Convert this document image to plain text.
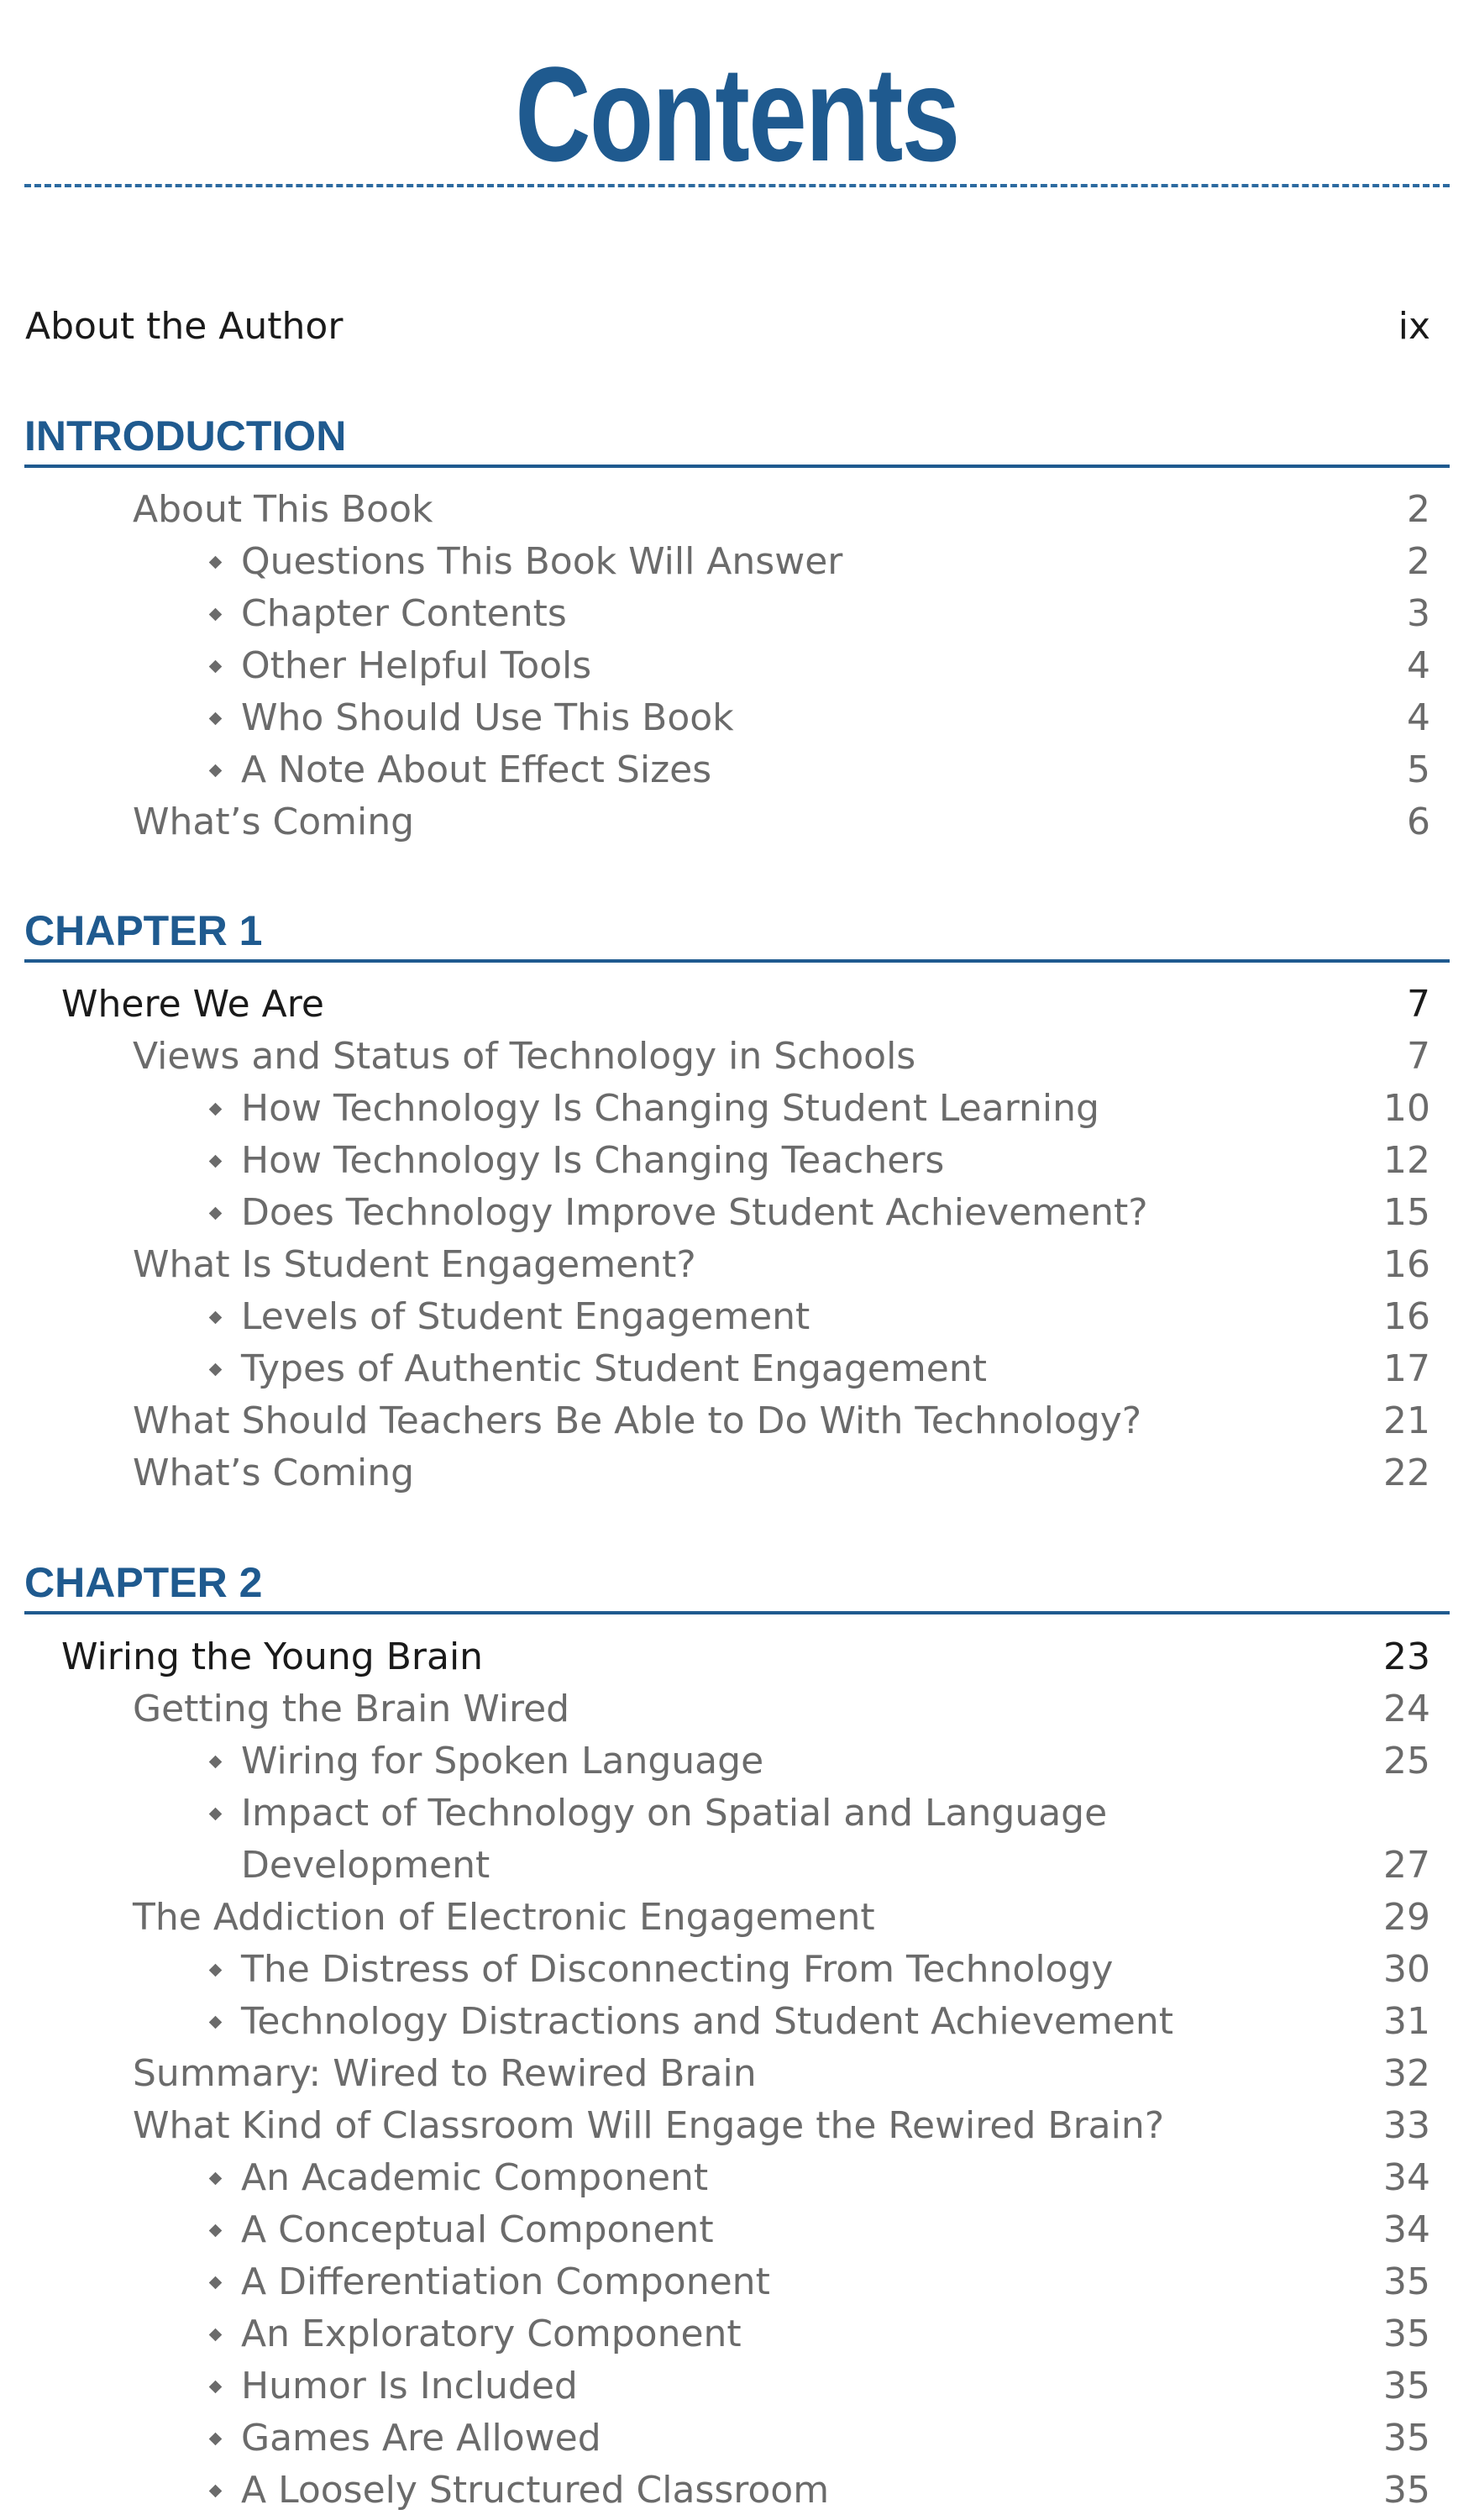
Contents
About the Author	ix
INTRODUCTION
About This Book	2
Questions This Book Will Answer	2
Chapter Contents	3
Other Helpful Tools	4
Who Should Use This Book	4
A Note About Effect Sizes	5
What’s Coming	6
CHAPTER 1
Where We Are	7
Views and Status of Technology in Schools	7
How Technology Is Changing Student Learning	10
How Technology Is Changing Teachers	12
Does Technology Improve Student Achievement?	15
What Is Student Engagement?	16
Levels of Student Engagement	16
Types of Authentic Student Engagement	17
What Should Teachers Be Able to Do With Technology?	21
What’s Coming	22
CHAPTER 2
Wiring the Young Brain	23
Getting the Brain Wired	24
Wiring for Spoken Language	25
Impact of Technology on Spatial and Language
Development	27
The Addiction of Electronic Engagement	29
The Distress of Disconnecting From Technology	30
Technology Distractions and Student Achievement	31
Summary: Wired to Rewired Brain	32
What Kind of Classroom Will Engage the Rewired Brain?	33
An Academic Component	34
A Conceptual Component	34
A Differentiation Component	35
An Exploratory Component	35
Humor Is Included	35
Games Are Allowed	35
A Loosely Structured Classroom	35
